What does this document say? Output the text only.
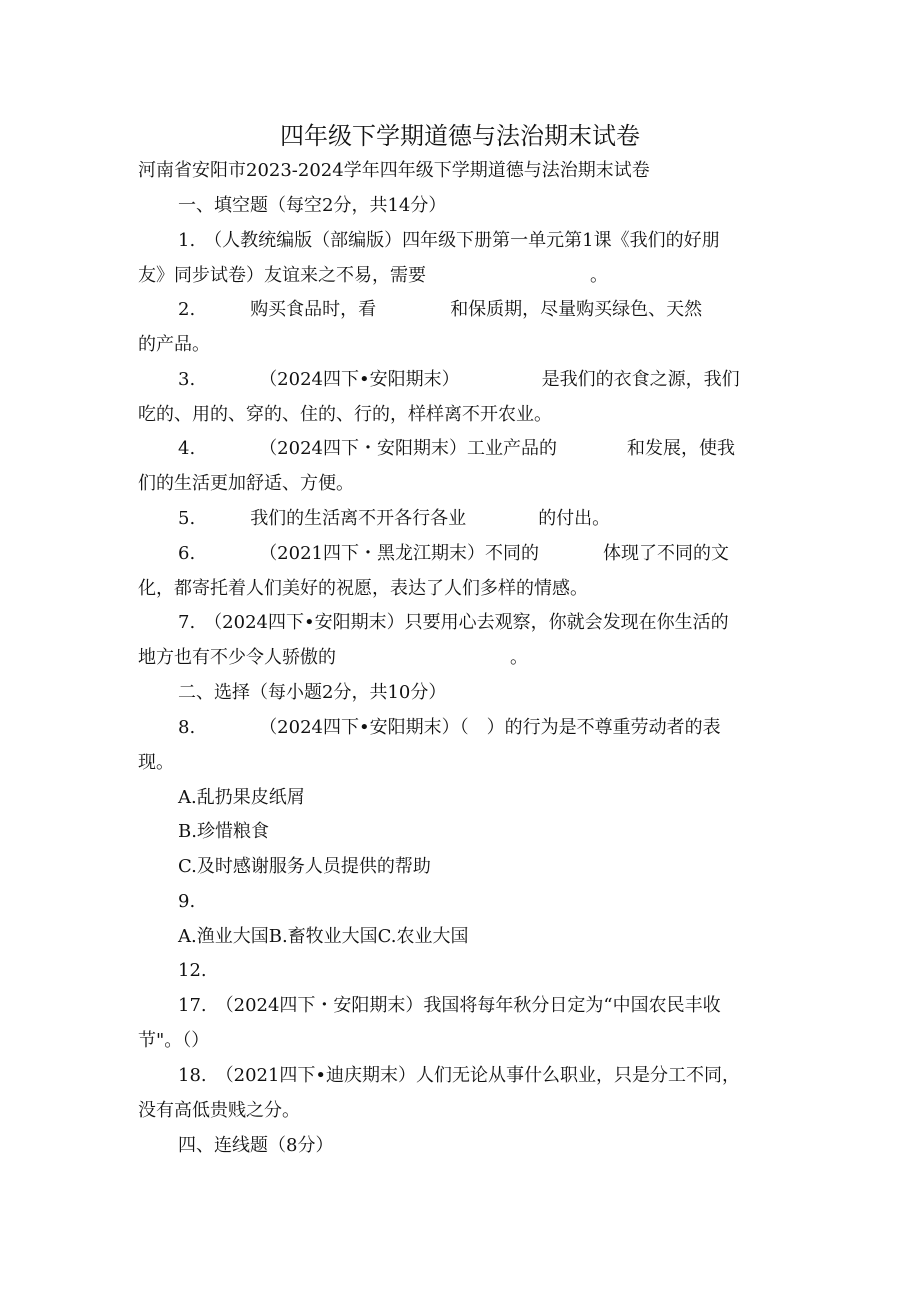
四年级下学期道德与法治期末试卷
河南省安阳市2023-2024学年四年级下学期道德与法治期末试卷
一、填空题（每空2分，共14分）
1.　（人教统编版（部编版）四年级下册第一单元第1课《我们的好朋
友》同步试卷）友谊来之不易，需要	。
2.	购买食品时，看	和保质期，尽量购买绿色、天然
的产品。
3.	（2024四下•安阳期末）	是我们的衣食之源，我们
吃的、用的、穿的、住的、行的，样样离不开农业。
4.	（2024四下・安阳期末）工业产品的	和发展，使我
们的生活更加舒适、方便。
5.	我们的生活离不开各行各业	的付出。
6.	（2021四下・黑龙江期末）不同的	体现了不同的文
化，都寄托着人们美好的祝愿，表达了人们多样的情感。
7.　（2024四下•安阳期末）只要用心去观察，你就会发现在你生活的
地方也有不少令人骄傲的	。
二、选择（每小题2分，共10分）
8.	（2024四下•安阳期末）（　）的行为是不尊重劳动者的表
现。
A.乱扔果皮纸屑
B.珍惜粮食
C.及时感谢服务人员提供的帮助
9.
A.渔业大国B.畜牧业大国C.农业大国
12.
17.　（2024四下・安阳期末）我国将每年秋分日定为“中国农民丰收
节"。（）
18.　（2021四下•迪庆期末）人们无论从事什么职业，只是分工不同，
没有高低贵贱之分。
四、连线题（8分）
